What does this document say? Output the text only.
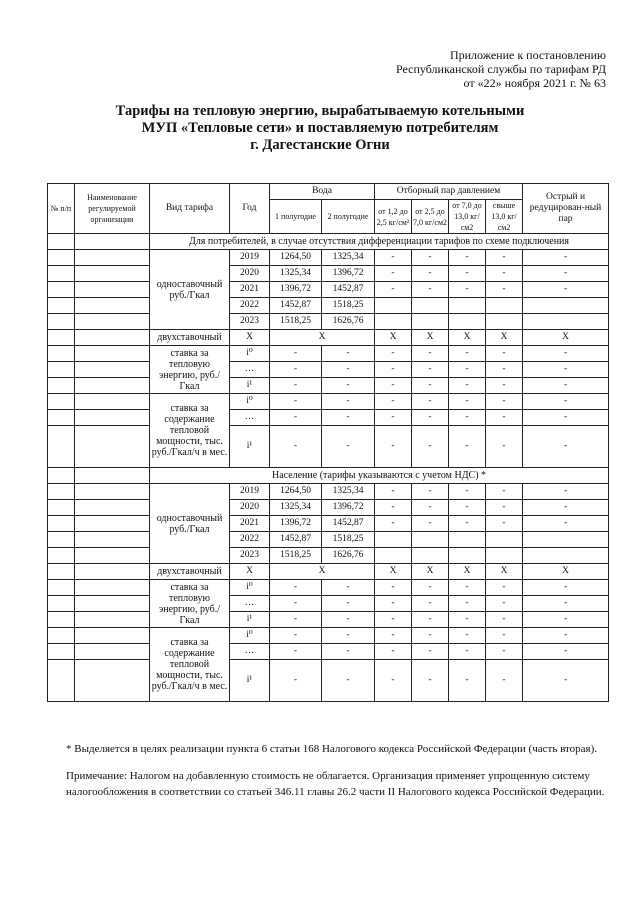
Приложение к постановлению
Республиканской службы по тарифам РД
от «22» ноября 2021 г. № 63
Тарифы на тепловую энергию, вырабатываемую котельными
МУП «Тепловые сети» и поставляемую потребителям
г. Дагестанские Огни
№ п/п	Наименование регулируемой организации	Вид тарифа	Год	Вода		Отборный пар давлением				Острый и редуцирован-ный пар
				1 полугодие	2 полугодие	от 1,2 до 2,5 кг/см²	от 2,5 до 7,0 кг/см2	от 7,0 до 13,0 кг/см2	свыше 13,0 кг/см2	
		Для потребителей, в случае отсутствия дифференциации тарифов по схеме подключения								
		одноставочный руб./Гкал	2019	1264,50	1325,34	-	-	-	-	-
			2020	1325,34	1396,72	-	-	-	-	-
			2021	1396,72	1452,87	-	-	-	-	-
			2022	1452,87	1518,25					
			2023	1518,25	1626,76					
		двухставочный	Х	Х		Х	Х	Х	Х	Х
		ставка за тепловую энергию, руб./Гкал	i⁰	-	-	-	-	-	-	-
			…	-	-	-	-	-	-	-
			i¹	-	-	-	-	-	-	-
		ставка за содержание тепловой мощности, тыс. руб./Гкал/ч в мес.	i⁰	-	-	-	-	-	-	-
			…	-	-	-	-	-	-	-
			i¹	-	-	-	-	-	-	-
		Население (тарифы указываются с учетом НДС) *								
		одноставочный руб./Гкал	2019	1264,50	1325,34	-	-	-	-	-
			2020	1325,34	1396,72	-	-	-	-	-
			2021	1396,72	1452,87	-	-	-	-	-
			2022	1452,87	1518,25					
			2023	1518,25	1626,76					
		двухставочный	Х	Х		Х	Х	Х	Х	Х
		ставка за тепловую энергию, руб./Гкал	i⁰	-	-	-	-	-	-	-
			…	-	-	-	-	-	-	-
			i¹	-	-	-	-	-	-	-
		ставка за содержание тепловой мощности, тыс. руб./Гкал/ч в мес.	i⁰	-	-	-	-	-	-	-
			…	-	-	-	-	-	-	-
			i¹	-	-	-	-	-	-	-
* Выделяется в целях реализации пункта 6 статьи 168 Налогового кодекса Российской Федерации (часть вторая).
Примечание: Налогом на добавленную стоимость не облагается. Организация применяет упрощенную систему
налогообложения в соответствии со статьей 346.11 главы 26.2 части II Налогового кодекса Российской Федерации.
